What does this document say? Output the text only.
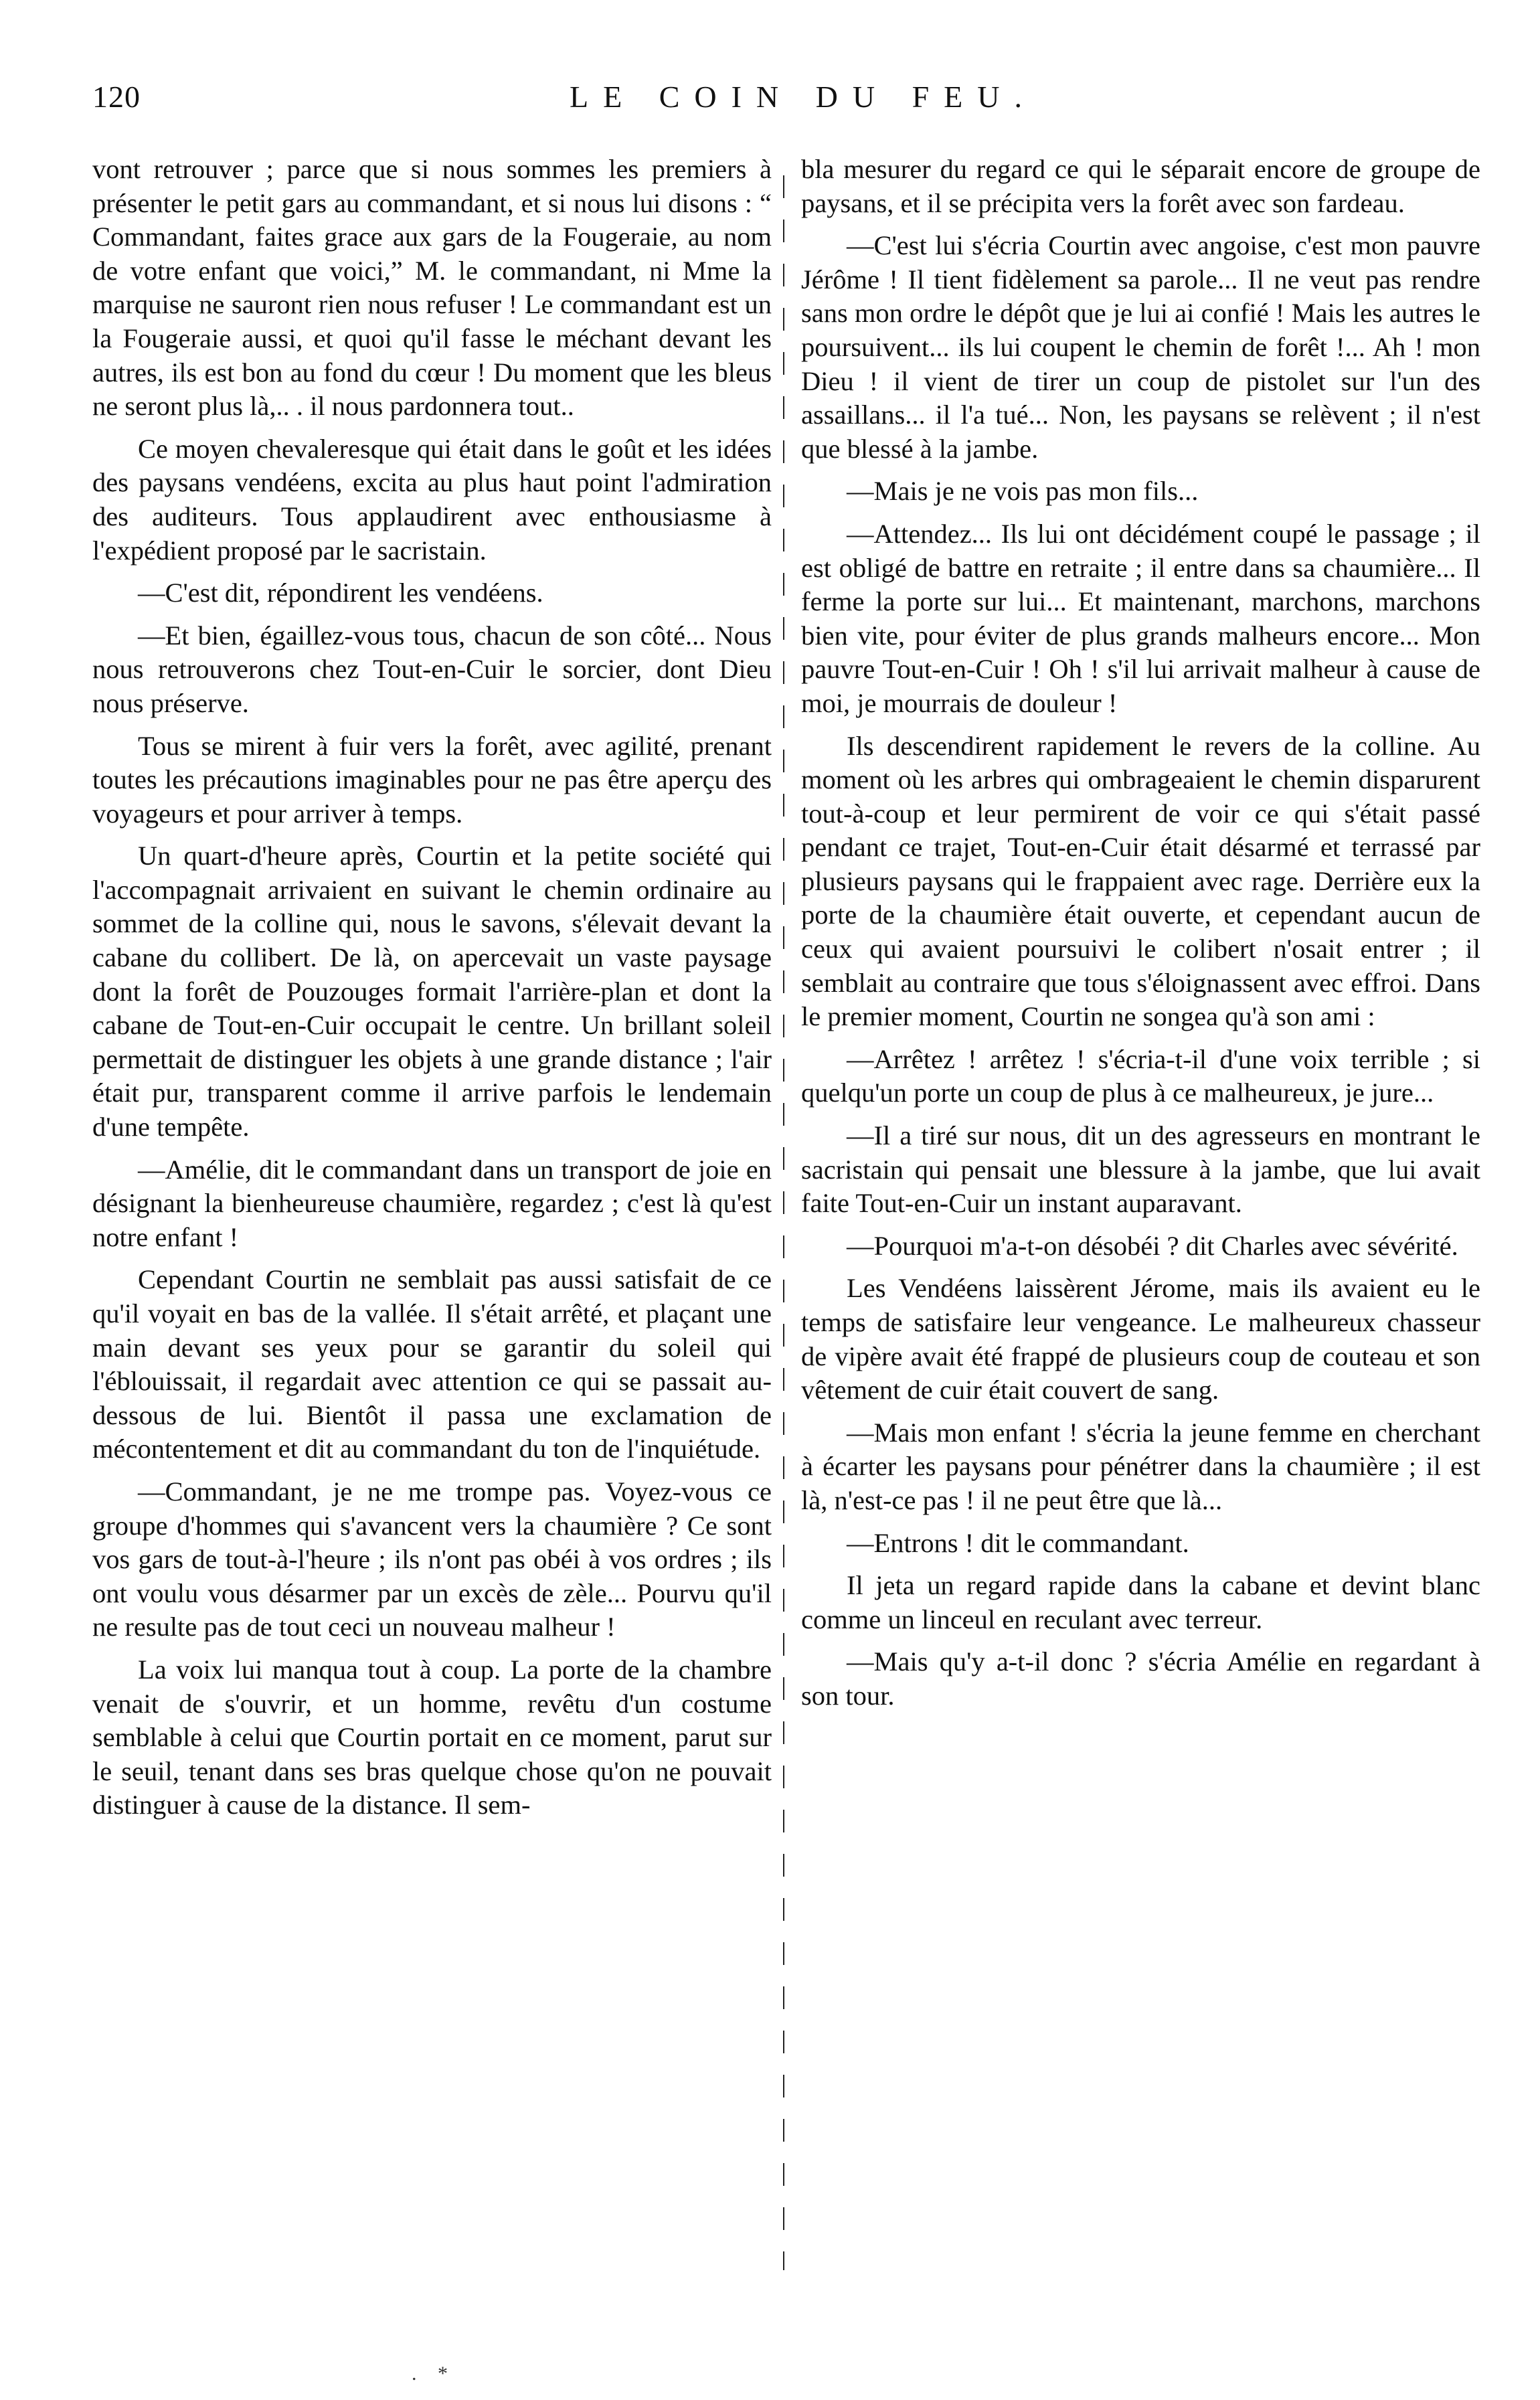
120	LE COIN DU FEU.

vont retrouver ; parce que si nous sommes les premiers à présenter le petit gars au commandant, et si nous lui disons : “ Commandant, faites grace aux gars de la Fougeraie, au nom de votre enfant que voici,” M. le commandant, ni Mme la marquise ne sauront rien nous refuser ! Le commandant est un la Fougeraie aussi, et quoi qu'il fasse le méchant devant les autres, ils est bon au fond du cœur ! Du moment que les bleus ne seront plus là,.. . il nous pardonnera tout..

Ce moyen chevaleresque qui était dans le goût et les idées des paysans vendéens, excita au plus haut point l'admiration des auditeurs. Tous applaudirent avec enthousiasme à l'expédient proposé par le sacristain.

—C'est dit, répondirent les vendéens.

—Et bien, égaillez-vous tous, chacun de son côté... Nous nous retrouverons chez Tout-en-Cuir le sorcier, dont Dieu nous préserve.

Tous se mirent à fuir vers la forêt, avec agilité, prenant toutes les précautions imaginables pour ne pas être aperçu des voyageurs et pour arriver à temps.

Un quart-d'heure après, Courtin et la petite société qui l'accompagnait arrivaient en suivant le chemin ordinaire au sommet de la colline qui, nous le savons, s'élevait devant la cabane du collibert. De là, on apercevait un vaste paysage dont la forêt de Pouzouges formait l'arrière-plan et dont la cabane de Tout-en-Cuir occupait le centre. Un brillant soleil permettait de distinguer les objets à une grande distance ; l'air était pur, transparent comme il arrive parfois le lendemain d'une tempête.

—Amélie, dit le commandant dans un transport de joie en désignant la bienheureuse chaumière, regardez ; c'est là qu'est notre enfant !

Cependant Courtin ne semblait pas aussi satisfait de ce qu'il voyait en bas de la vallée. Il s'était arrêté, et plaçant une main devant ses yeux pour se garantir du soleil qui l'éblouissait, il regardait avec attention ce qui se passait au-dessous de lui. Bientôt il passa une exclamation de mécontentement et dit au commandant du ton de l'inquiétude.

—Commandant, je ne me trompe pas. Voyez-vous ce groupe d'hommes qui s'avancent vers la chaumière ? Ce sont vos gars de tout-à-l'heure ; ils n'ont pas obéi à vos ordres ; ils ont voulu vous désarmer par un excès de zèle... Pourvu qu'il ne resulte pas de tout ceci un nouveau malheur !

La voix lui manqua tout à coup. La porte de la chambre venait de s'ouvrir, et un homme, revêtu d'un costume semblable à celui que Courtin portait en ce moment, parut sur le seuil, tenant dans ses bras quelque chose qu'on ne pouvait distinguer à cause de la distance. Il sem-

bla mesurer du regard ce qui le séparait encore de groupe de paysans, et il se précipita vers la forêt avec son fardeau.

—C'est lui s'écria Courtin avec angoise, c'est mon pauvre Jérôme ! Il tient fidèlement sa parole... Il ne veut pas rendre sans mon ordre le dépôt que je lui ai confié ! Mais les autres le poursuivent... ils lui coupent le chemin de forêt !... Ah ! mon Dieu ! il vient de tirer un coup de pistolet sur l'un des assaillans... il l'a tué... Non, les paysans se relèvent ; il n'est que blessé à la jambe.

—Mais je ne vois pas mon fils...

—Attendez... Ils lui ont décidément coupé le passage ; il est obligé de battre en retraite ; il entre dans sa chaumière... Il ferme la porte sur lui... Et maintenant, marchons, marchons bien vite, pour éviter de plus grands malheurs encore... Mon pauvre Tout-en-Cuir ! Oh ! s'il lui arrivait malheur à cause de moi, je mourrais de douleur !

Ils descendirent rapidement le revers de la colline. Au moment où les arbres qui ombrageaient le chemin disparurent tout-à-coup et leur permirent de voir ce qui s'était passé pendant ce trajet, Tout-en-Cuir était désarmé et terrassé par plusieurs paysans qui le frappaient avec rage. Derrière eux la porte de la chaumière était ouverte, et cependant aucun de ceux qui avaient poursuivi le colibert n'osait entrer ; il semblait au contraire que tous s'éloignassent avec effroi. Dans le premier moment, Courtin ne songea qu'à son ami :

—Arrêtez ! arrêtez ! s'écria-t-il d'une voix terrible ; si quelqu'un porte un coup de plus à ce malheureux, je jure...

—Il a tiré sur nous, dit un des agresseurs en montrant le sacristain qui pensait une blessure à la jambe, que lui avait faite Tout-en-Cuir un instant auparavant.

—Pourquoi m'a-t-on désobéi ? dit Charles avec sévérité.

Les Vendéens laissèrent Jérome, mais ils avaient eu le temps de satisfaire leur vengeance. Le malheureux chasseur de vipère avait été frappé de plusieurs coup de couteau et son vêtement de cuir était couvert de sang.

—Mais mon enfant ! s'écria la jeune femme en cherchant à écarter les paysans pour pénétrer dans la chaumière ; il est là, n'est-ce pas ! il ne peut être que là...

—Entrons ! dit le commandant.

Il jeta un regard rapide dans la cabane et devint blanc comme un linceul en reculant avec terreur.

—Mais qu'y a-t-il donc ? s'écria Amélie en regardant à son tour.

. *
